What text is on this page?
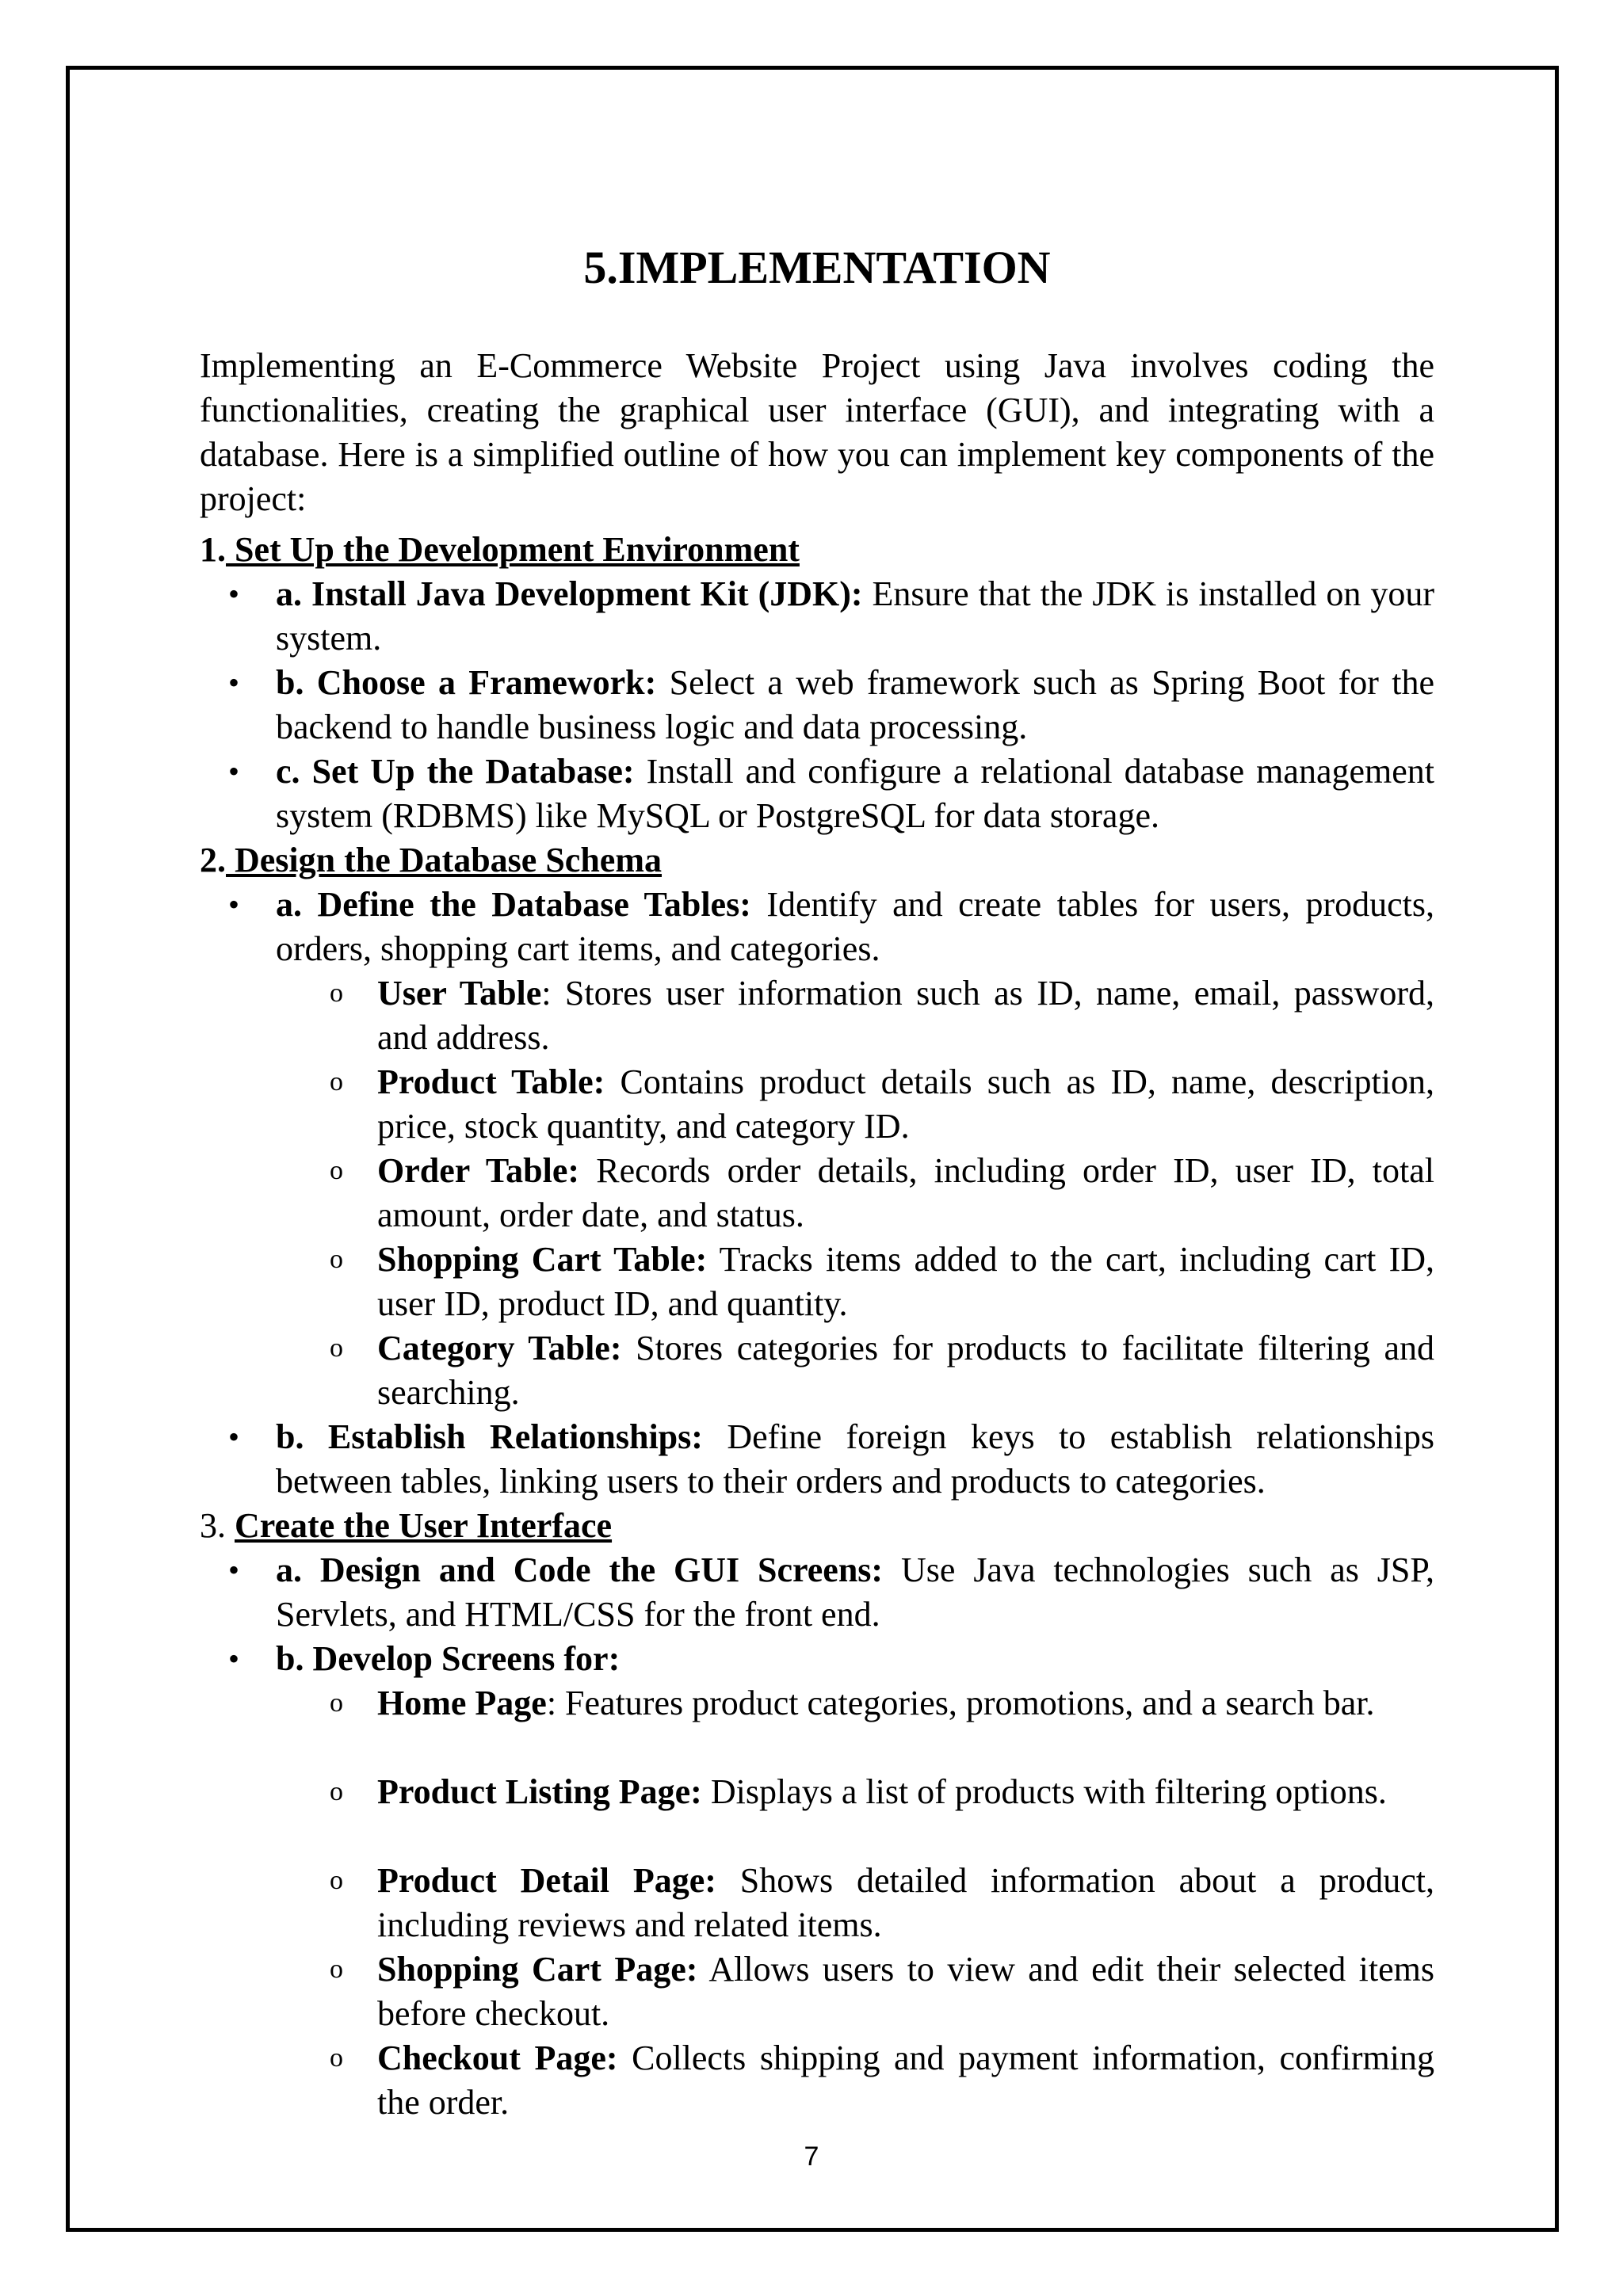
5.IMPLEMENTATION
Implementing an E-Commerce Website Project using Java involves coding the functionalities, creating the graphical user interface (GUI), and integrating with a database. Here is a simplified outline of how you can implement key components of the project:
1. Set Up the Development Environment
• a. Install Java Development Kit (JDK): Ensure that the JDK is installed on your system.
• b. Choose a Framework: Select a web framework such as Spring Boot for the backend to handle business logic and data processing.
• c. Set Up the Database: Install and configure a relational database management system (RDBMS) like MySQL or PostgreSQL for data storage.
2. Design the Database Schema
• a. Define the Database Tables: Identify and create tables for users, products, orders, shopping cart items, and categories.
o User Table: Stores user information such as ID, name, email, password, and address.
o Product Table: Contains product details such as ID, name, description, price, stock quantity, and category ID.
o Order Table: Records order details, including order ID, user ID, total amount, order date, and status.
o Shopping Cart Table: Tracks items added to the cart, including cart ID, user ID, product ID, and quantity.
o Category Table: Stores categories for products to facilitate filtering and searching.
• b. Establish Relationships: Define foreign keys to establish relationships between tables, linking users to their orders and products to categories.
3. Create the User Interface
• a. Design and Code the GUI Screens: Use Java technologies such as JSP, Servlets, and HTML/CSS for the front end.
• b. Develop Screens for:
o Home Page: Features product categories, promotions, and a search bar.
o Product Listing Page: Displays a list of products with filtering options.
o Product Detail Page: Shows detailed information about a product, including reviews and related items.
o Shopping Cart Page: Allows users to view and edit their selected items before checkout.
o Checkout Page: Collects shipping and payment information, confirming the order.
7
